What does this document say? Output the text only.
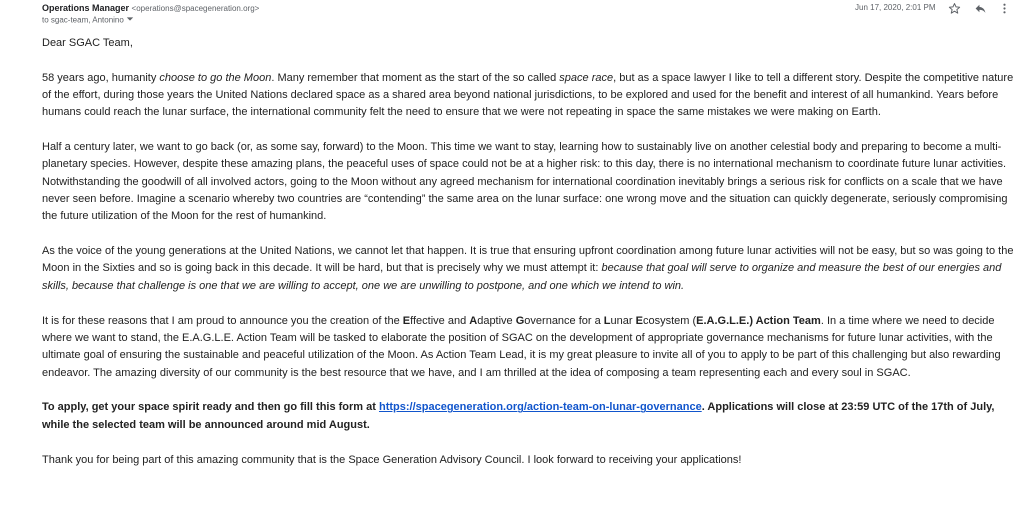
Operations Manager <operations@spacegeneration.org>
to sgac-team, Antonino
Jun 17, 2020, 2:01 PM

Dear SGAC Team,

58 years ago, humanity choose to go the Moon. Many remember that moment as the start of the so called space race, but as a space lawyer I like to tell a different story. Despite the competitive nature of the effort, during those years the United Nations declared space as a shared area beyond national jurisdictions, to be explored and used for the benefit and interest of all humankind. Years before humans could reach the lunar surface, the international community felt the need to ensure that we were not repeating in space the same mistakes we were making on Earth.

Half a century later, we want to go back (or, as some say, forward) to the Moon. This time we want to stay, learning how to sustainably live on another celestial body and preparing to become a multi-planetary species. However, despite these amazing plans, the peaceful uses of space could not be at a higher risk: to this day, there is no international mechanism to coordinate future lunar activities. Notwithstanding the goodwill of all involved actors, going to the Moon without any agreed mechanism for international coordination inevitably brings a serious risk for conflicts on a scale that we have never seen before. Imagine a scenario whereby two countries are “contending” the same area on the lunar surface: one wrong move and the situation can quickly degenerate, seriously compromising the future utilization of the Moon for the rest of humankind.

As the voice of the young generations at the United Nations, we cannot let that happen. It is true that ensuring upfront coordination among future lunar activities will not be easy, but so was going to the Moon in the Sixties and so is going back in this decade. It will be hard, but that is precisely why we must attempt it: because that goal will serve to organize and measure the best of our energies and skills, because that challenge is one that we are willing to accept, one we are unwilling to postpone, and one which we intend to win.

It is for these reasons that I am proud to announce you the creation of the Effective and Adaptive Governance for a Lunar Ecosystem (E.A.G.L.E.) Action Team. In a time where we need to decide where we want to stand, the E.A.G.L.E. Action Team will be tasked to elaborate the position of SGAC on the development of appropriate governance mechanisms for future lunar activities, with the ultimate goal of ensuring the sustainable and peaceful utilization of the Moon. As Action Team Lead, it is my great pleasure to invite all of you to apply to be part of this challenging but also rewarding endeavor. The amazing diversity of our community is the best resource that we have, and I am thrilled at the idea of composing a team representing each and every soul in SGAC.

To apply, get your space spirit ready and then go fill this form at https://spacegeneration.org/action-team-on-lunar-governance. Applications will close at 23:59 UTC of the 17th of July, while the selected team will be announced around mid August.

Thank you for being part of this amazing community that is the Space Generation Advisory Council. I look forward to receiving your applications!
